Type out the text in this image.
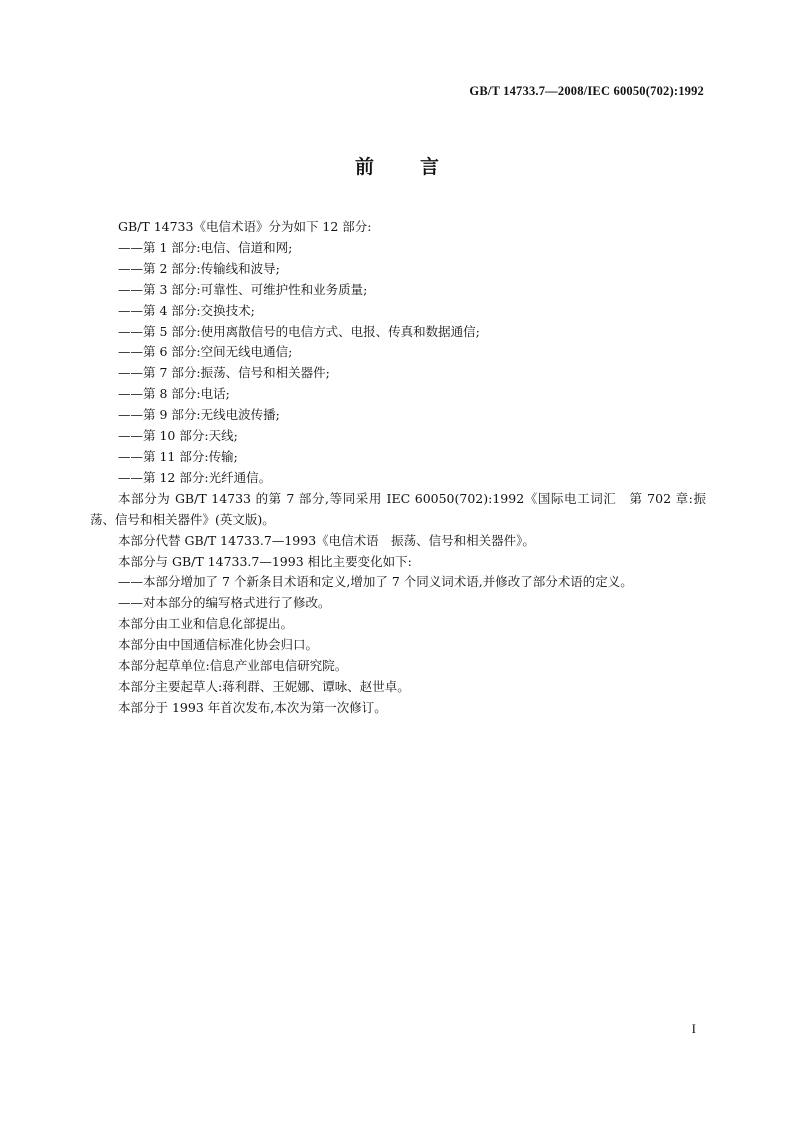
GB/T 14733.7—2008/IEC 60050(702):1992
前 言

GB/T 14733《电信术语》分为如下 12 部分:

——第 1 部分:电信、信道和网;

——第 2 部分:传输线和波导;

——第 3 部分:可靠性、可维护性和业务质量;

——第 4 部分:交换技术;

——第 5 部分:使用离散信号的电信方式、电报、传真和数据通信;

——第 6 部分:空间无线电通信;

——第 7 部分:振荡、信号和相关器件;

——第 8 部分:电话;

——第 9 部分:无线电波传播;

——第 10 部分:天线;

——第 11 部分:传输;

——第 12 部分:光纤通信。

本部分为 GB/T 14733 的第 7 部分,等同采用 IEC 60050(702):1992《国际电工词汇　第 702 章:振荡、信号和相关器件》(英文版)。

本部分代替 GB/T 14733.7—1993《电信术语　振荡、信号和相关器件》。

本部分与 GB/T 14733.7—1993 相比主要变化如下:

——本部分增加了 7 个新条目术语和定义,增加了 7 个同义词术语,并修改了部分术语的定义。

——对本部分的编写格式进行了修改。

本部分由工业和信息化部提出。

本部分由中国通信标准化协会归口。

本部分起草单位:信息产业部电信研究院。

本部分主要起草人:蒋利群、王妮娜、谭咏、赵世卓。

本部分于 1993 年首次发布,本次为第一次修订。

I
